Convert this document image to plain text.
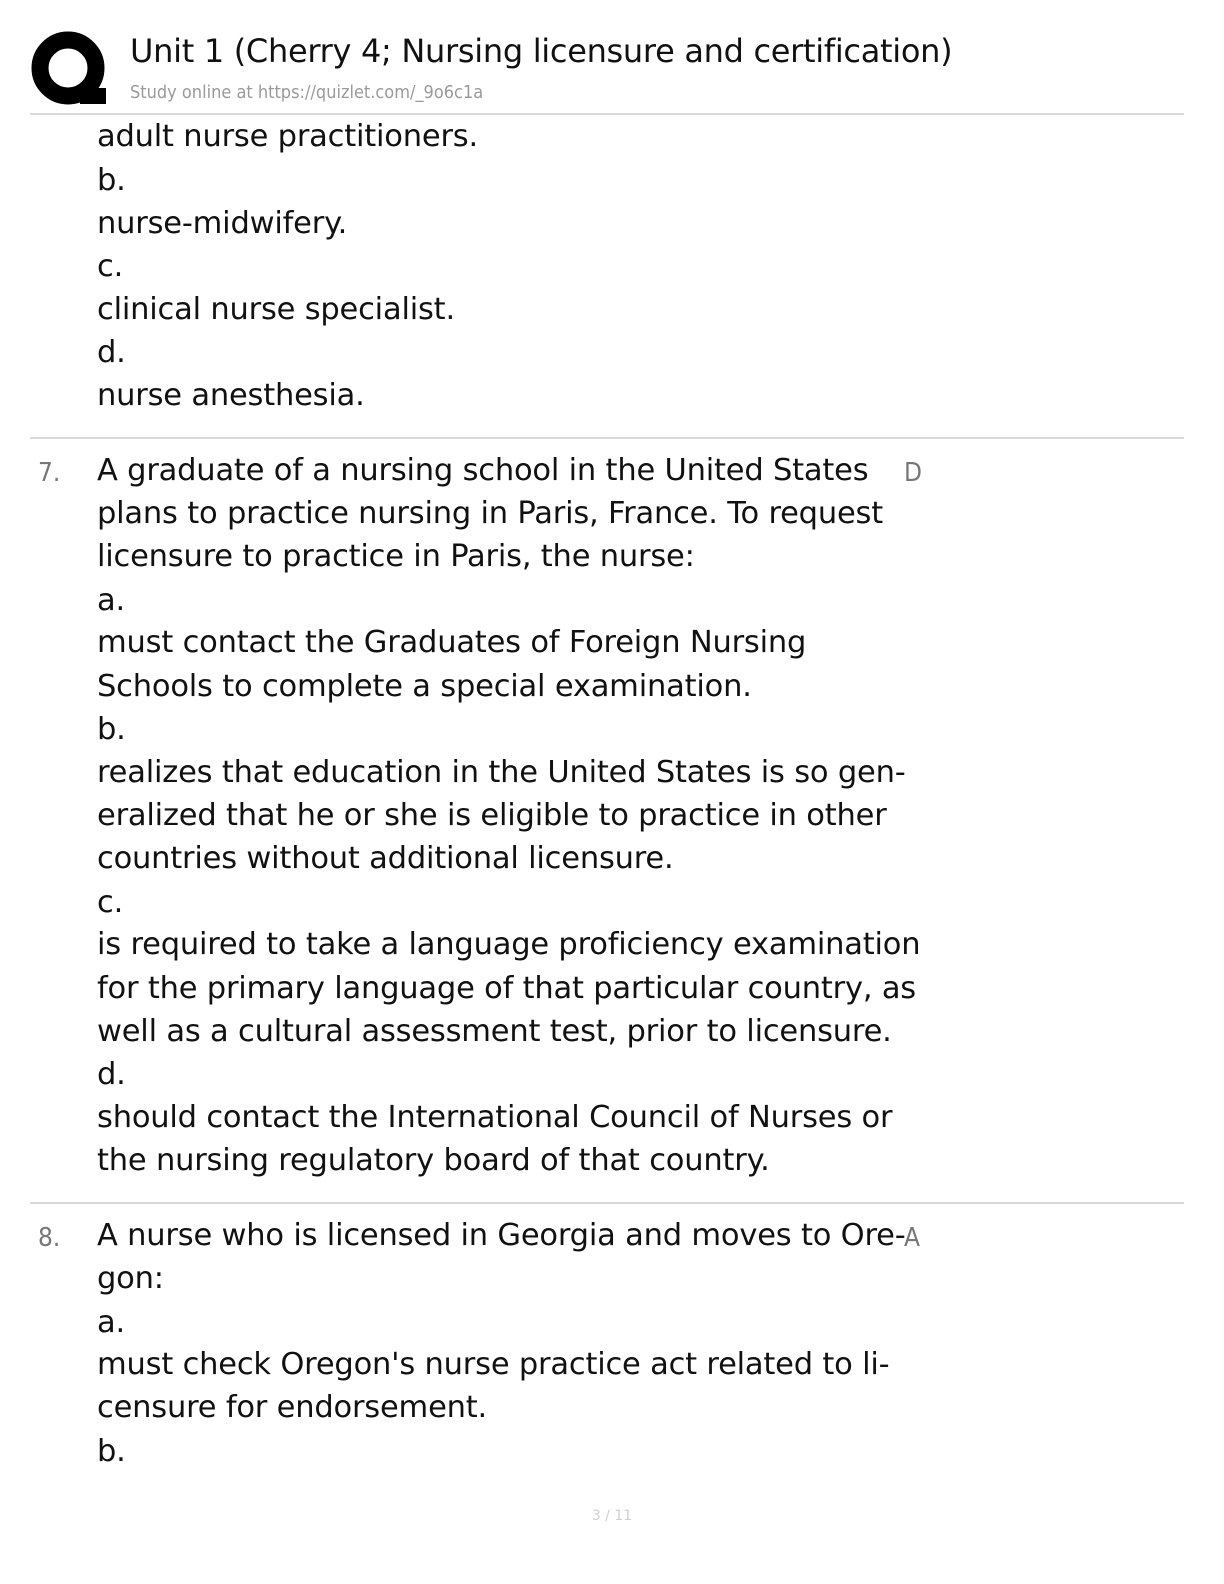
Unit 1 (Cherry 4; Nursing licensure and certification)
Study online at https://quizlet.com/_9o6c1a
adult nurse practitioners.
b.
nurse-midwifery.
c.
clinical nurse specialist.
d.
nurse anesthesia.
7.	D
A graduate of a nursing school in the United States
plans to practice nursing in Paris, France. To request
licensure to practice in Paris, the nurse:
a.
must contact the Graduates of Foreign Nursing
Schools to complete a special examination.
b.
realizes that education in the United States is so gen-
eralized that he or she is eligible to practice in other
countries without additional licensure.
c.
is required to take a language proficiency examination
for the primary language of that particular country, as
well as a cultural assessment test, prior to licensure.
d.
should contact the International Council of Nurses or
the nursing regulatory board of that country.
8.	A
A nurse who is licensed in Georgia and moves to Ore-
gon:
a.
must check Oregon's nurse practice act related to li-
censure for endorsement.
b.
3 / 11
